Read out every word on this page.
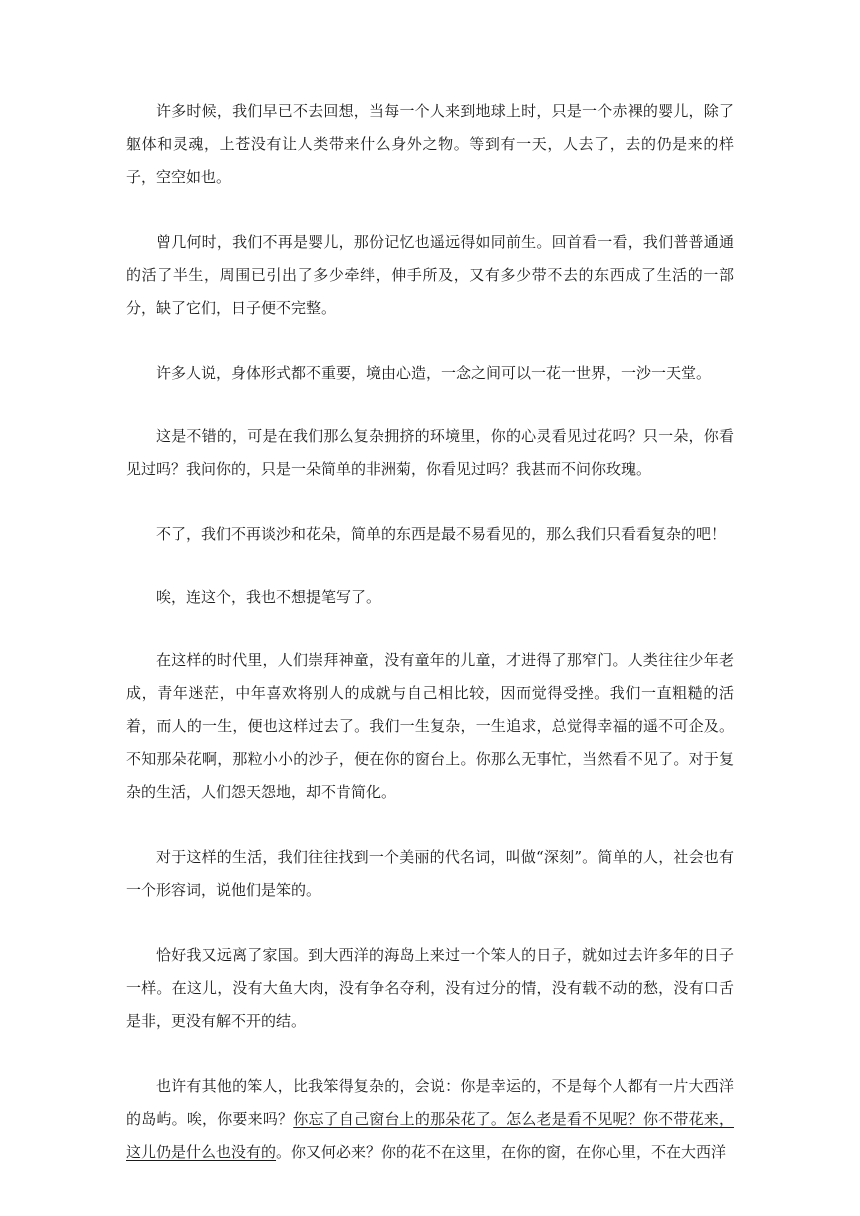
许多时候，我们早已不去回想，当每一个人来到地球上时，只是一个赤裸的婴儿，除了躯体和灵魂，上苍没有让人类带来什么身外之物。等到有一天，人去了，去的仍是来的样子，空空如也。

曾几何时，我们不再是婴儿，那份记忆也遥远得如同前生。回首看一看，我们普普通通的活了半生，周围已引出了多少牵绊，伸手所及，又有多少带不去的东西成了生活的一部分，缺了它们，日子便不完整。

许多人说，身体形式都不重要，境由心造，一念之间可以一花一世界，一沙一天堂。

这是不错的，可是在我们那么复杂拥挤的环境里，你的心灵看见过花吗？只一朵，你看见过吗？我问你的，只是一朵简单的非洲菊，你看见过吗？我甚而不问你玫瑰。

不了，我们不再谈沙和花朵，简单的东西是最不易看见的，那么我们只看看复杂的吧！

唉，连这个，我也不想提笔写了。

在这样的时代里，人们崇拜神童，没有童年的儿童，才进得了那窄门。人类往往少年老成，青年迷茫，中年喜欢将别人的成就与自己相比较，因而觉得受挫。我们一直粗糙的活着，而人的一生，便也这样过去了。我们一生复杂，一生追求，总觉得幸福的遥不可企及。不知那朵花啊，那粒小小的沙子，便在你的窗台上。你那么无事忙，当然看不见了。对于复杂的生活，人们怨天怨地，却不肯简化。

对于这样的生活，我们往往找到一个美丽的代名词，叫做“深刻”。简单的人，社会也有一个形容词，说他们是笨的。

恰好我又远离了家国。到大西洋的海岛上来过一个笨人的日子，就如过去许多年的日子一样。在这儿，没有大鱼大肉，没有争名夺利，没有过分的情，没有载不动的愁，没有口舌是非，更没有解不开的结。

也许有其他的笨人，比我笨得复杂的，会说：你是幸运的，不是每个人都有一片大西洋的岛屿。唉，你要来吗？你忘了自己窗台上的那朵花了。怎么老是看不见呢？你不带花来，这儿仍是什么也没有的。你又何必来？你的花不在这里，在你的窗，在你心里，不在大西洋
